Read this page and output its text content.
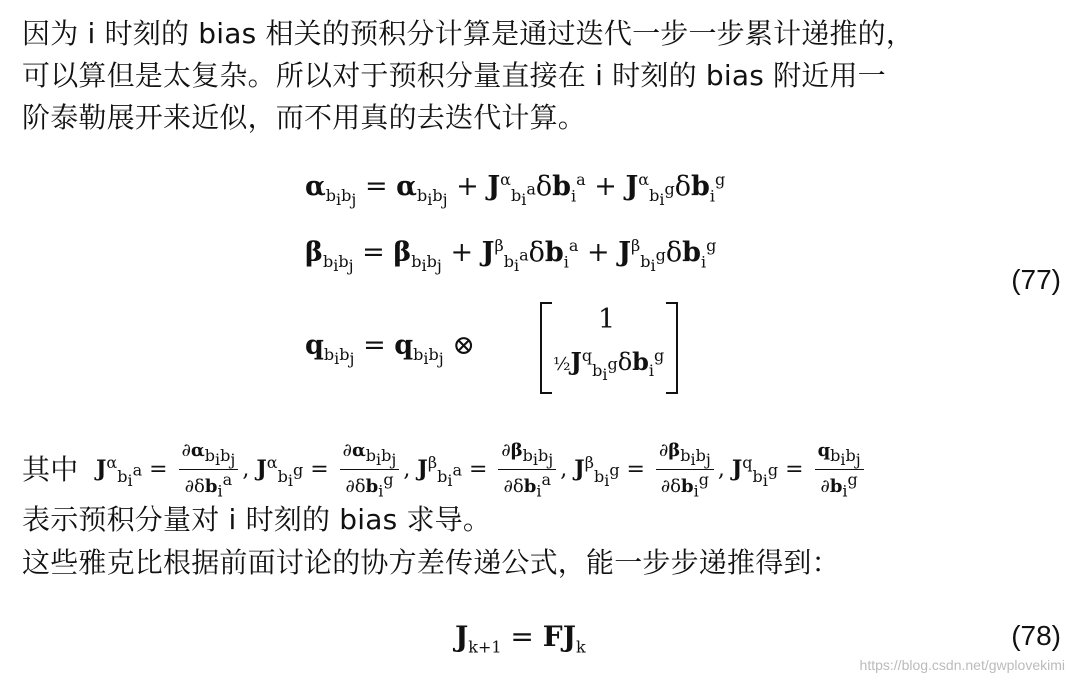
因为 i 时刻的 bias 相关的预积分计算是通过迭代一步一步累计递推的，
可以算但是太复杂。所以对于预积分量直接在 i 时刻的 bias 附近用一
阶泰勒展开来近似，而不用真的去迭代计算。
$\alpha_{b_ib_j} = \alpha_{b_ib_j} + J^\alpha_{b_i^a}\delta b_i^a + J^\alpha_{b_i^g}\delta b_i^g$
$\beta_{b_ib_j} = \beta_{b_ib_j} + J^\beta_{b_i^a}\delta b_i^a + J^\beta_{b_i^g}\delta b_i^g$
$q_{b_ib_j} = q_{b_ib_j}$ ⊗
1
$\frac{1}{2}J^q_{b_i^g}\delta b_i^g$
(77)
其中 $J^\alpha_{b_i^a} = \frac{\partial\alpha_{b_ib_j}}{\partial\delta b_i^a}$ , $J^\alpha_{b_i^g} = \frac{\partial\alpha_{b_ib_j}}{\partial\delta b_i^g}$ , $J^\beta_{b_i^a} = \frac{\partial\beta_{b_ib_j}}{\partial\delta b_i^a}$ , $J^\beta_{b_i^g} = \frac{\partial\beta_{b_ib_j}}{\partial\delta b_i^g}$ , $J^q_{b_i^g} = \frac{q_{b_ib_j}}{\partial b_i^g}$
表示预积分量对 i 时刻的 bias 求导。
这些雅克比根据前面讨论的协方差传递公式，能一步步递推得到：
$J_{k+1} = FJ_k$	(78)
https://blog.csdn.net/gwplovekimi
